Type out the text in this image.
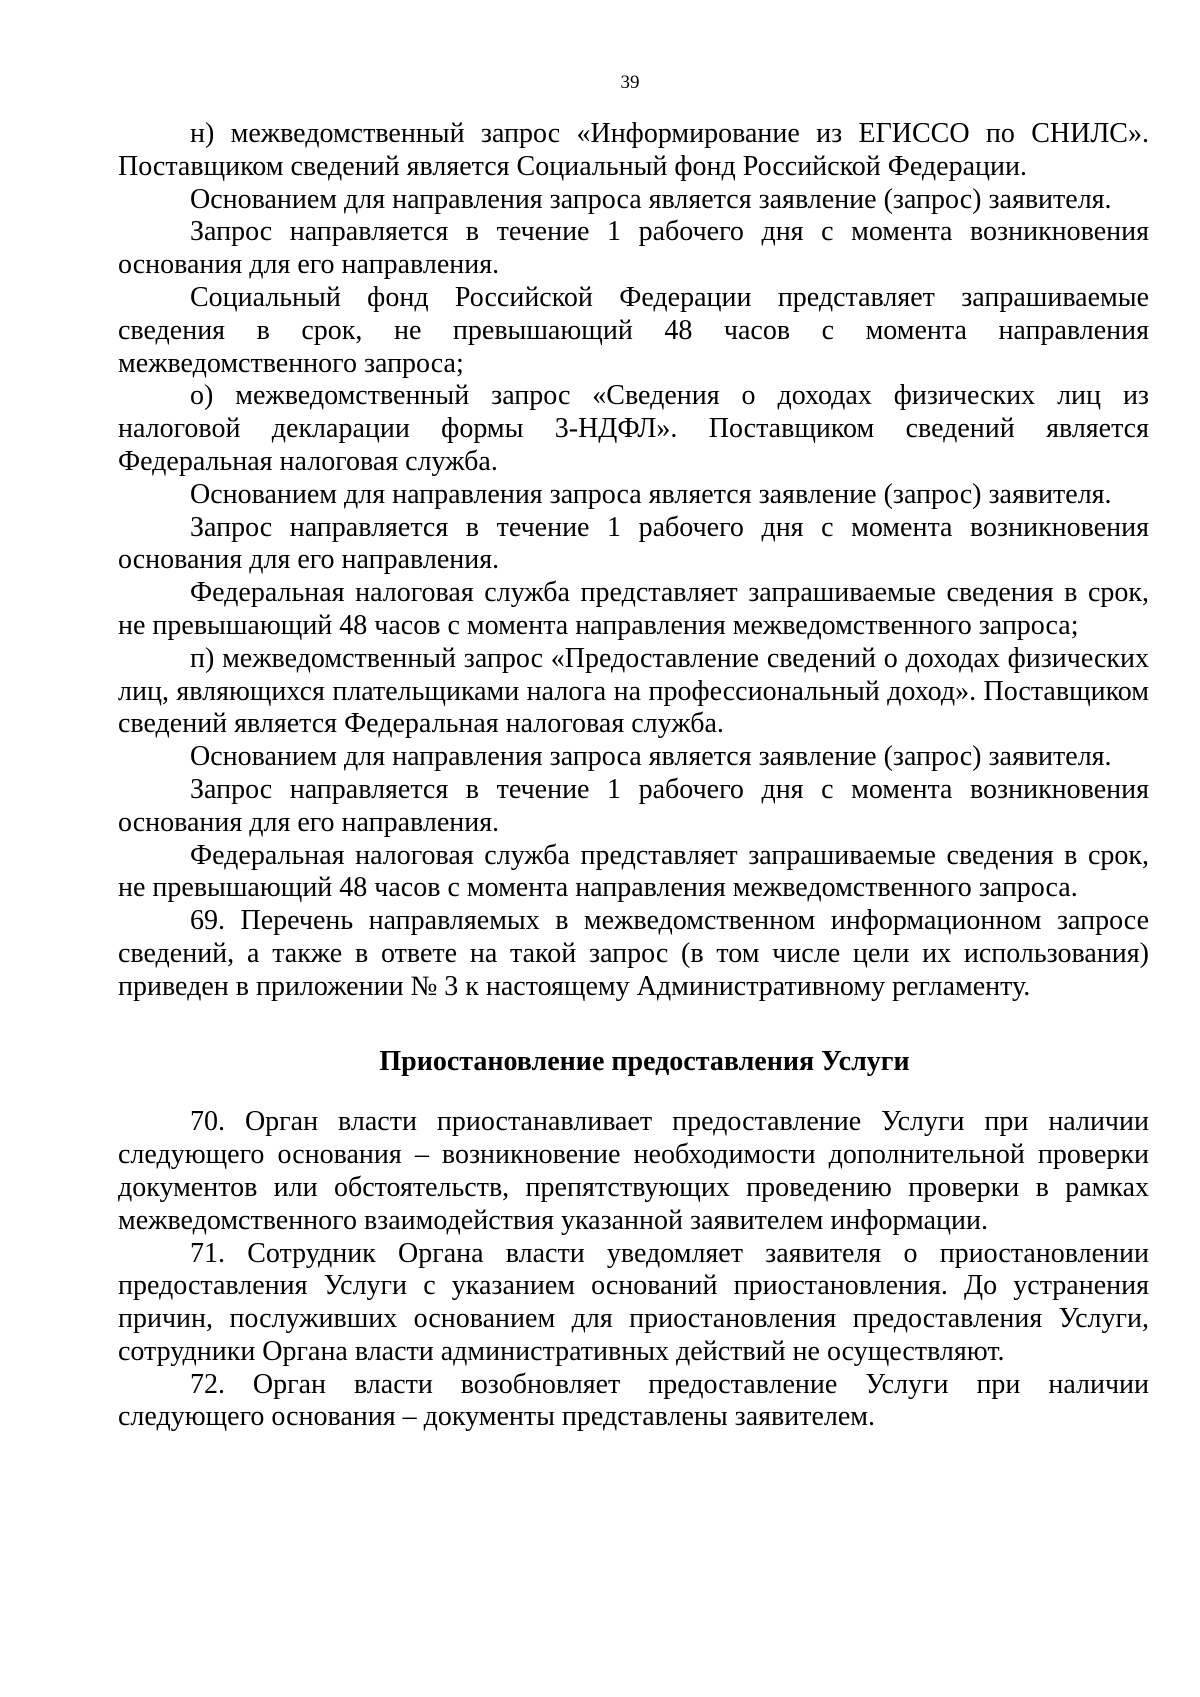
39

н) межведомственный запрос «Информирование из ЕГИССО по СНИЛС». Поставщиком сведений является Социальный фонд Российской Федерации.

Основанием для направления запроса является заявление (запрос) заявителя.

Запрос направляется в течение 1 рабочего дня с момента возникновения основания для его направления.

Социальный фонд Российской Федерации представляет запрашиваемые сведения в срок, не превышающий 48 часов с момента направления межведомственного запроса;

о) межведомственный запрос «Сведения о доходах физических лиц из налоговой декларации формы 3-НДФЛ». Поставщиком сведений является Федеральная налоговая служба.

Основанием для направления запроса является заявление (запрос) заявителя.

Запрос направляется в течение 1 рабочего дня с момента возникновения основания для его направления.

Федеральная налоговая служба представляет запрашиваемые сведения в срок, не превышающий 48 часов с момента направления межведомственного запроса;

п) межведомственный запрос «Предоставление сведений о доходах физических лиц, являющихся плательщиками налога на профессиональный доход». Поставщиком сведений является Федеральная налоговая служба.

Основанием для направления запроса является заявление (запрос) заявителя.

Запрос направляется в течение 1 рабочего дня с момента возникновения основания для его направления.

Федеральная налоговая служба представляет запрашиваемые сведения в срок, не превышающий 48 часов с момента направления межведомственного запроса.

69. Перечень направляемых в межведомственном информационном запросе сведений, а также в ответе на такой запрос (в том числе цели их использования) приведен в приложении № 3 к настоящему Административному регламенту.

Приостановление предоставления Услуги

70. Орган власти приостанавливает предоставление Услуги при наличии следующего основания – возникновение необходимости дополнительной проверки документов или обстоятельств, препятствующих проведению проверки в рамках межведомственного взаимодействия указанной заявителем информации.

71. Сотрудник Органа власти уведомляет заявителя о приостановлении предоставления Услуги с указанием оснований приостановления. До устранения причин, послуживших основанием для приостановления предоставления Услуги, сотрудники Органа власти административных действий не осуществляют.

72. Орган власти возобновляет предоставление Услуги при наличии следующего основания – документы представлены заявителем.
